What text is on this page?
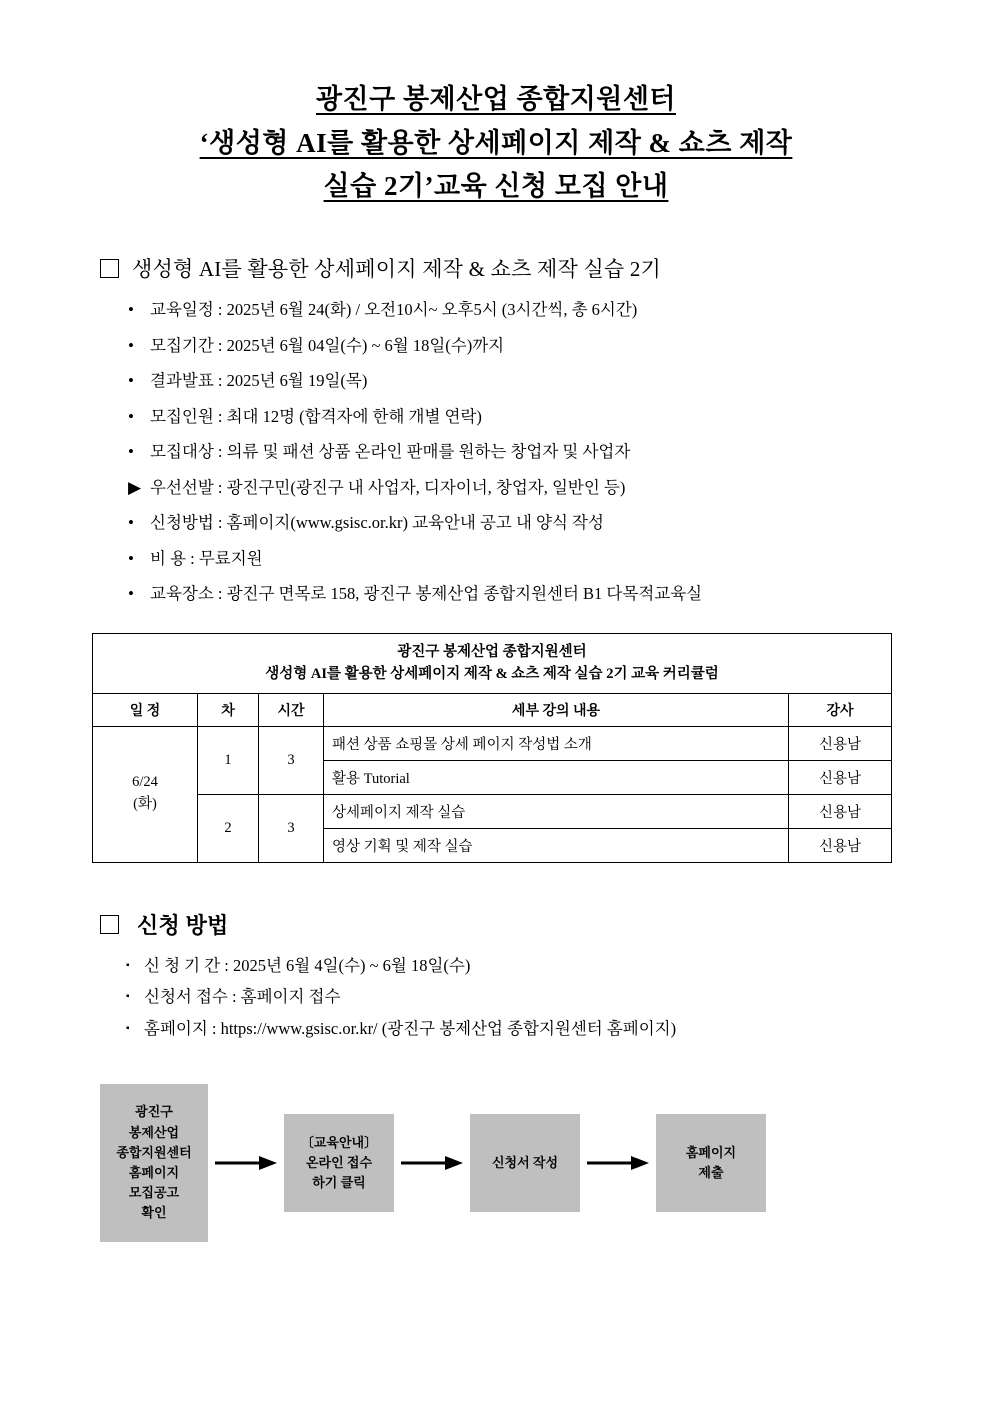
광진구 봉제산업 종합지원센터
‘생성형 AI를 활용한 상세페이지 제작 & 쇼츠 제작
실습 2기’교육 신청 모집 안내
생성형 AI를 활용한 상세페이지 제작 & 쇼츠 제작 실습 2기
• 교육일정 : 2025년 6월 24(화) / 오전10시~ 오후5시 (3시간씩, 총 6시간)
• 모집기간 : 2025년 6월 04일(수) ~ 6월 18일(수)까지
• 결과발표 : 2025년 6월 19일(목)
• 모집인원 : 최대 12명 (합격자에 한해 개별 연락)
• 모집대상 : 의류 및 패션 상품 온라인 판매를 원하는 창업자 및 사업자
▶ 우선선발 : 광진구민(광진구 내 사업자, 디자이너, 창업자, 일반인 등)
• 신청방법 : 홈페이지(www.gsisc.or.kr) 교육안내 공고 내 양식 작성
• 비 용 : 무료지원
• 교육장소 : 광진구 면목로 158, 광진구 봉제산업 종합지원센터 B1 다목적교육실
광진구 봉제산업 종합지원센터
생성형 AI를 활용한 상세페이지 제작 & 쇼츠 제작 실습 2기 교육 커리큘럼				

일 정	차	시간	세부 강의 내용	강사

6/24
(화)	1	3	패션 상품 쇼핑몰 상세 페이지 작성법 소개	신용남
			활용 Tutorial	신용남
	2	3	상세페이지 제작 실습	신용남
			영상 기획 및 제작 실습	신용남
신청 방법
▪ 신 청 기 간 : 2025년 6월 4일(수) ~ 6월 18일(수)
▪ 신청서 접수 : 홈페이지 접수
▪ 홈페이지 : https://www.gsisc.or.kr/ (광진구 봉제산업 종합지원센터 홈페이지)
광진구
봉제산업
종합지원센터
홈페이지
모집공고
확인
〔교육안내〕
온라인 접수
하기 클릭
신청서 작성
홈페이지
제출
